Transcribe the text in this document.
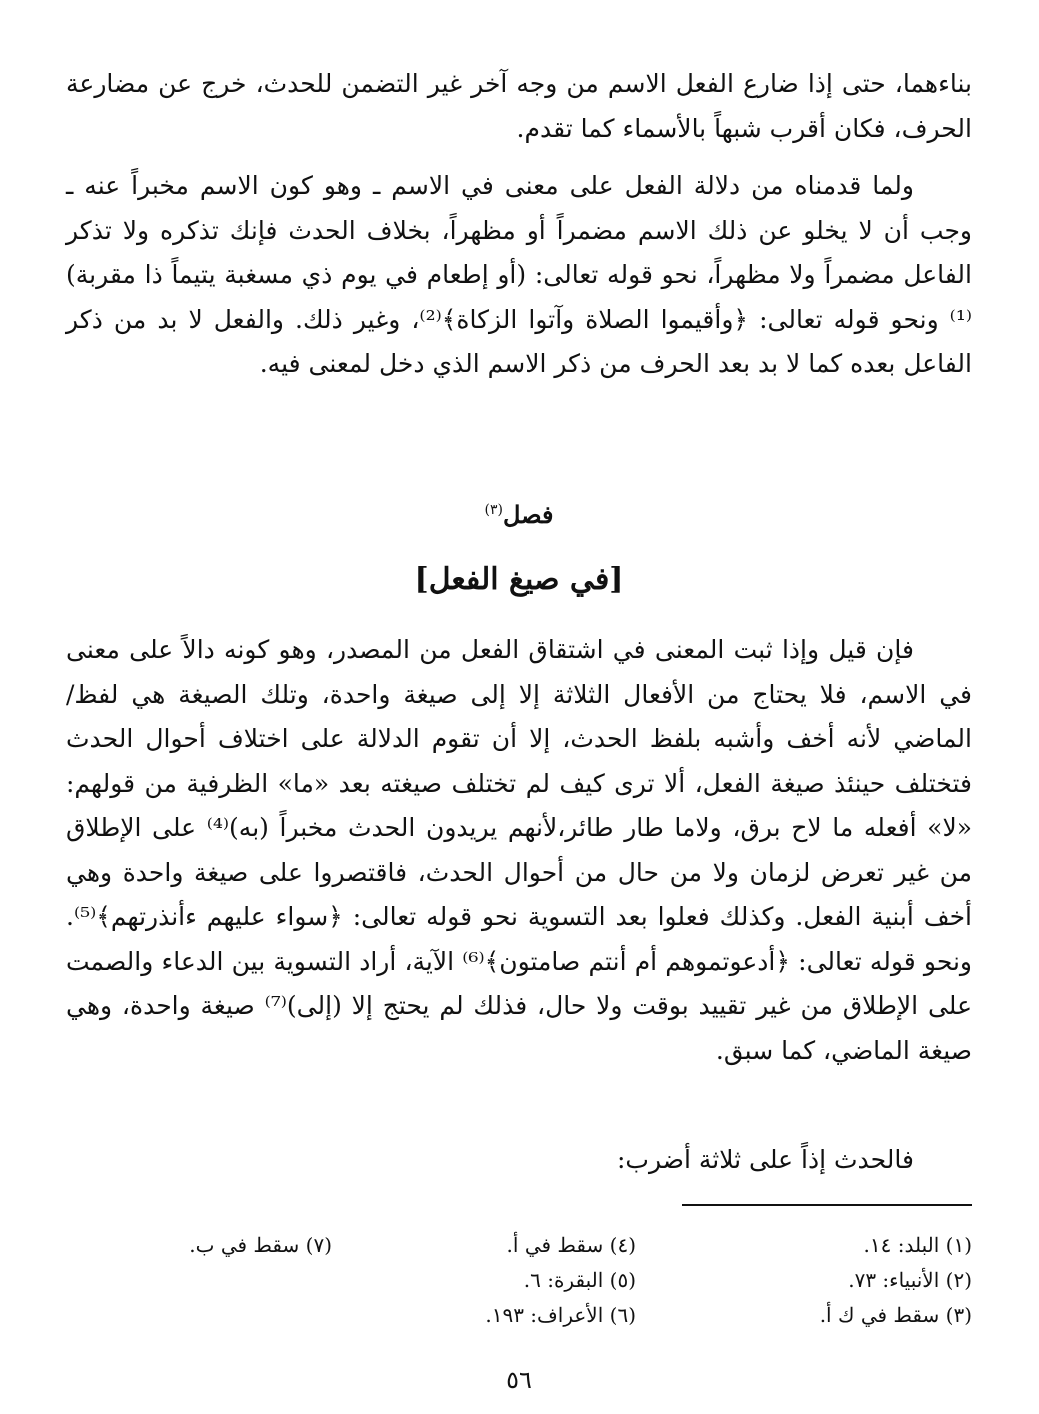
بناءهما، حتى إذا ضارع الفعل الاسم من وجه آخر غير التضمن للحدث، خرج عن مضارعة الحرف، فكان أقرب شبهاً بالأسماء كما تقدم.

ولما قدمناه من دلالة الفعل على معنى في الاسم ـ وهو كون الاسم مخبراً عنه ـ وجب أن لا يخلو عن ذلك الاسم مضمراً أو مظهراً، بخلاف الحدث فإنك تذكره ولا تذكر الفاعل مضمراً ولا مظهراً، نحو قوله تعالى: (أو إطعام في يوم ذي مسغبة يتيماً ذا مقربة)⁽¹⁾ ونحو قوله تعالى: ﴿وأقيموا الصلاة وآتوا الزكاة﴾⁽²⁾، وغير ذلك. والفعل لا بد من ذكر الفاعل بعده كما لا بد بعد الحرف من ذكر الاسم الذي دخل لمعنى فيه.

فصل$^{(٣)}$
[في صيغ الفعل]

فإن قيل وإذا ثبت المعنى في اشتقاق الفعل من المصدر، وهو كونه دالاً على معنى في الاسم، فلا يحتاج من الأفعال الثلاثة إلا إلى صيغة واحدة، وتلك الصيغة هي لفظ/ الماضي لأنه أخف وأشبه بلفظ الحدث، إلا أن تقوم الدلالة على اختلاف أحوال الحدث فتختلف حينئذ صيغة الفعل، ألا ترى كيف لم تختلف صيغته بعد «ما» الظرفية من قولهم: «لا» أفعله ما لاح برق، ولاما طار طائر،لأنهم يريدون الحدث مخبراً (به)⁽⁴⁾ على الإطلاق من غير تعرض لزمان ولا من حال من أحوال الحدث، فاقتصروا على صيغة واحدة وهي أخف أبنية الفعل. وكذلك فعلوا بعد التسوية نحو قوله تعالى: ﴿سواء عليهم ءأنذرتهم﴾⁽⁵⁾. ونحو قوله تعالى: ﴿أدعوتموهم أم أنتم صامتون﴾⁽⁶⁾ الآية، أراد التسوية بين الدعاء والصمت على الإطلاق من غير تقييد بوقت ولا حال، فذلك لم يحتج إلا (إلى)⁽⁷⁾ صيغة واحدة، وهي صيغة الماضي، كما سبق.

فالحدث إذاً على ثلاثة أضرب:

(١) البلد: ١٤.
(٢) الأنبياء: ٧٣.
(٣) سقط في ك أ.
(٤) سقط في أ.
(٥) البقرة: ٦.
(٦) الأعراف: ١٩٣.
(٧) سقط في ب.
٥٦
